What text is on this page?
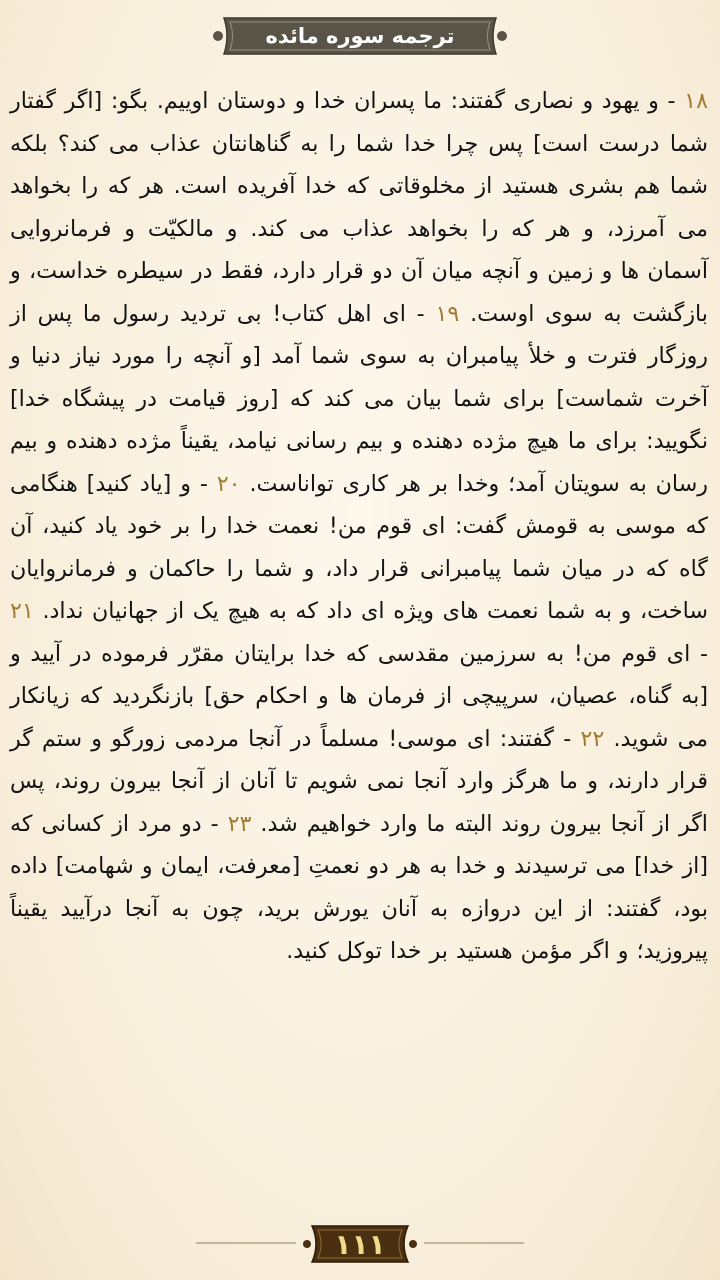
ترجمه سوره مائده
۱۸ - و یهود و نصاری گفتند: ما پسران خدا و دوستان اوییم. بگو: [اگر گفتار شما درست است] پس چرا خدا شما را به گناهانتان عذاب می کند؟ بلکه شما هم بشری هستید از مخلوقاتی که خدا آفریده است. هر که را بخواهد می آمرزد، و هر که را بخواهد عذاب می کند. و مالکیّت و فرمانروایی آسمان ها و زمین و آنچه میان آن دو قرار دارد، فقط در سیطره خداست، و بازگشت به سوی اوست. ۱۹ - ای اهل کتاب! بی تردید رسول ما پس از روزگار فترت و خلأ پیامبران به سوی شما آمد [و آنچه را مورد نیاز دنیا و آخرت شماست] برای شما بیان می کند که [روز قیامت در پیشگاه خدا] نگویید: برای ما هیچ مژده دهنده و بیم رسانی نیامد، یقیناً مژده دهنده و بیم رسان به سویتان آمد؛ وخدا بر هر کاری تواناست. ۲۰ - و [یاد کنید] هنگامی که موسی به قومش گفت: ای قوم من! نعمت خدا را بر خود یاد کنید، آن گاه که در میان شما پیامبرانی قرار داد، و شما را حاکمان و فرمانروایان ساخت، و به شما نعمت های ویژه ای داد که به هیچ یک از جهانیان نداد. ۲۱ - ای قوم من! به سرزمین مقدسی که خدا برایتان مقرّر فرموده در آیید و [به گناه، عصیان، سرپیچی از فرمان ها و احکام حق] بازنگردید که زیانکار می شوید. ۲۲ - گفتند: ای موسی! مسلماً در آنجا مردمی زورگو و ستم گر قرار دارند، و ما هرگز وارد آنجا نمی شویم تا آنان از آنجا بیرون روند، پس اگر از آنجا بیرون روند البته ما وارد خواهیم شد. ۲۳ - دو مرد از کسانی که [از خدا] می ترسیدند و خدا به هر دو نعمتِ [معرفت، ایمان و شهامت] داده بود، گفتند: از این دروازه به آنان یورش برید، چون به آنجا درآیید یقیناً پیروزید؛ و اگر مؤمن هستید بر خدا توکل کنید.
۱۱۱
